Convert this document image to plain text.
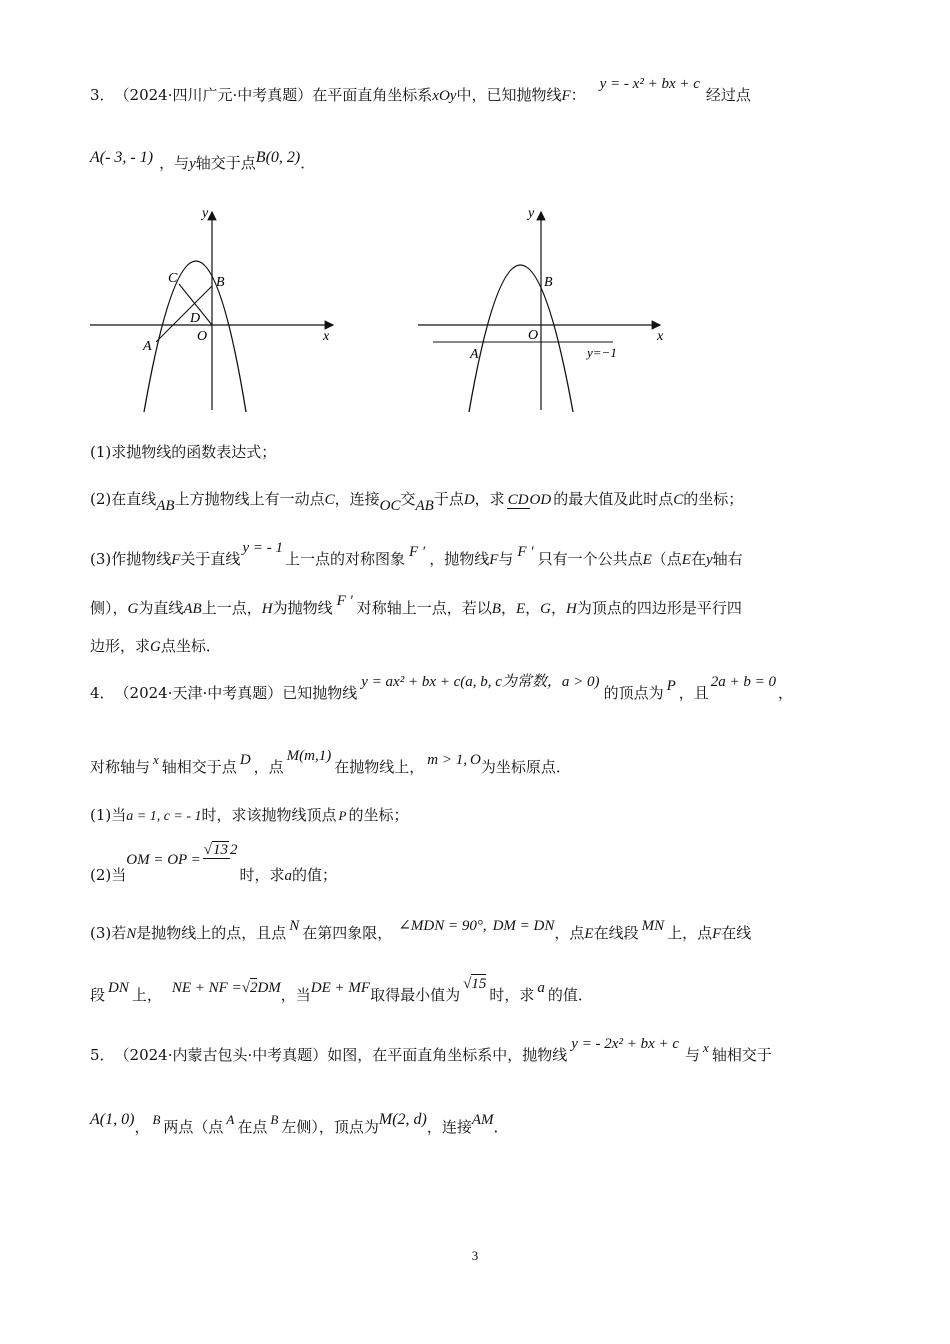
3．（2024·四川广元·中考真题）在平面直角坐标系xOy中，已知抛物线F：y = - x² + bx + c经过点
A(- 3, - 1) ，与y轴交于点B(0, 2)．
y
x
C	B
D
O
A
y
x
B
O
A	y=−1
(1)求抛物线的函数表达式；
(2)在直线AB上方抛物线上有一动点C，连接OC交AB于点D，求 CDOD 的最大值及此时点C的坐标；
(3)作抛物线F关于直线y = - 1上一点的对称图象 F ′ ，抛物线F与 F ′ 只有一个公共点E（点E在y轴右
侧），G为直线AB上一点，H为抛物线 F ′ 对称轴上一点，若以B，E，G，H为顶点的四边形是平行四
边形，求G点坐标．
4．（2024·天津·中考真题）已知抛物线y = ax² + bx + c(a, b, c为常数，a > 0)的顶点为 P ，且2a + b = 0，
对称轴与 x 轴相交于点 D ，点M(m,1)在抛物线上， m > 1, O为坐标原点．
(1)当a = 1, c = - 1时，求该抛物线顶点 P 的坐标；
(2)当OM = OP =√13 2时，求a的值；
(3)若N是抛物线上的点，且点 N 在第四象限， ∠MDN = 90°, DM = DN，点E在线段 MN 上，点F在线
段 DN 上， NE + NF =√2DM，当DE + MF取得最小值为√15时，求 a 的值．
5．（2024·内蒙古包头·中考真题）如图，在平面直角坐标系中，抛物线y = - 2x² + bx + c与 x 轴相交于
A(1, 0)， B 两点（点 A 在点 B 左侧），顶点为M(2, d)，连接AM．
3
